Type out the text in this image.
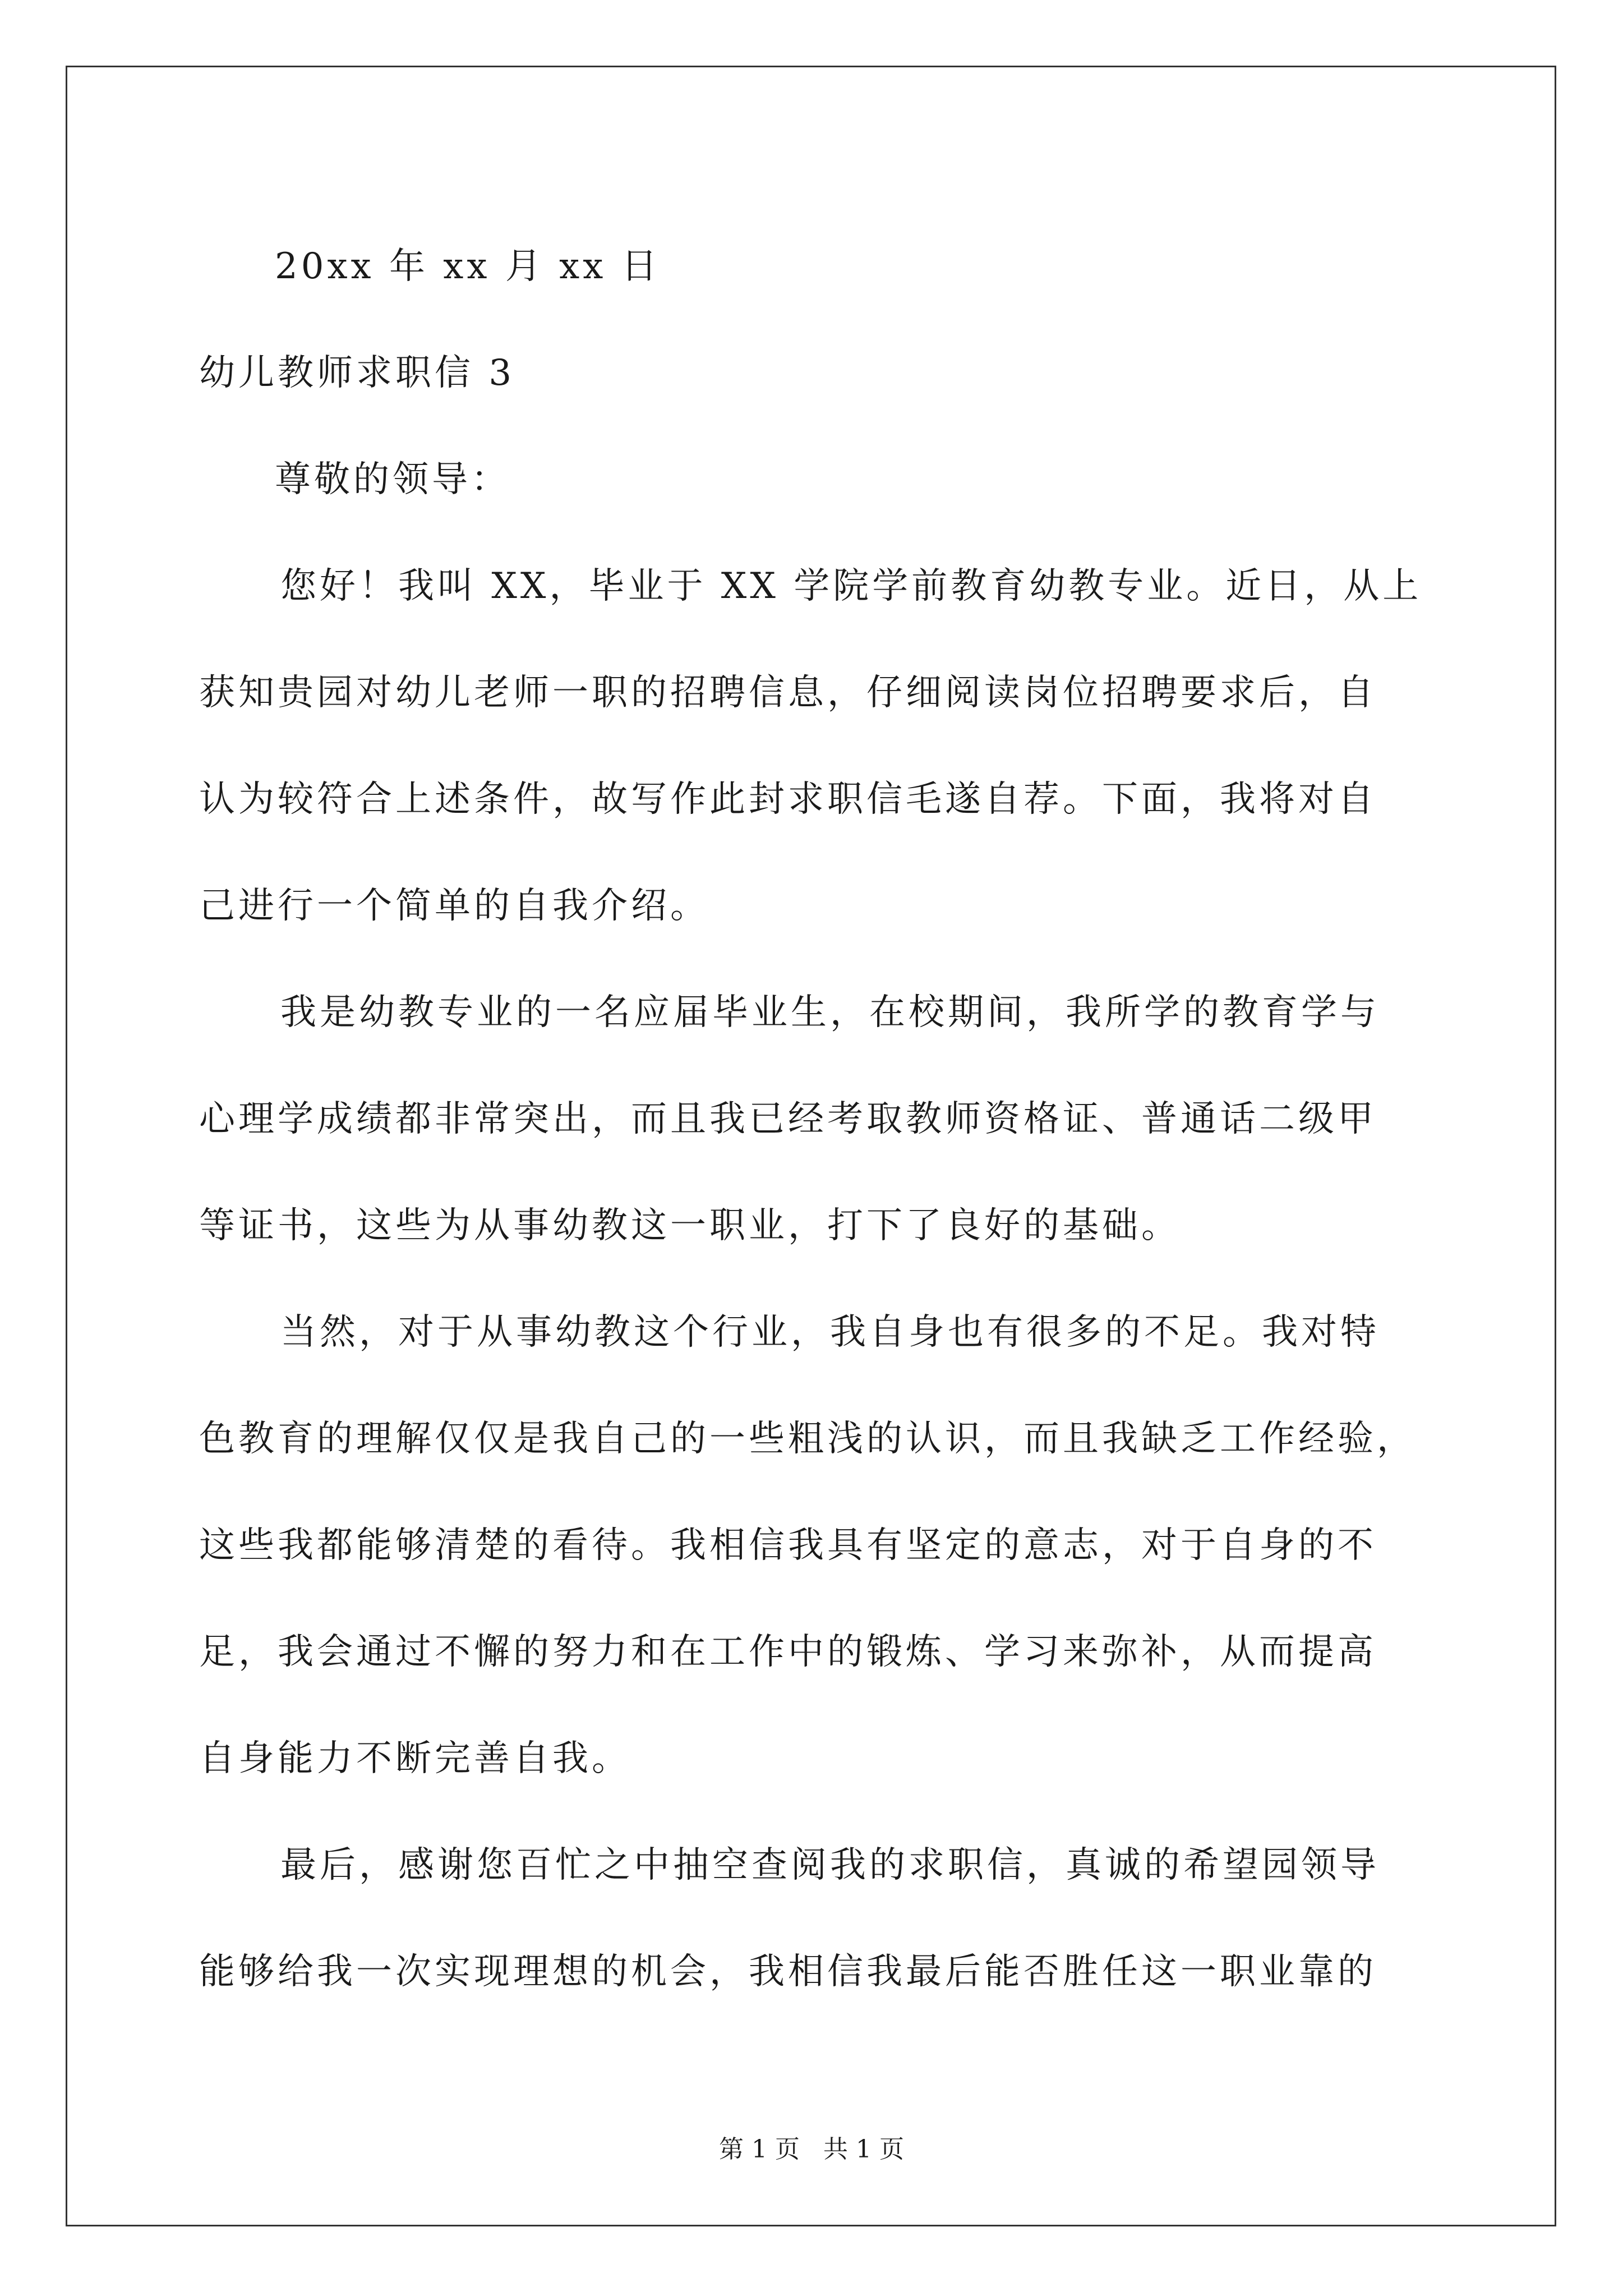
20xx 年 xx 月 xx 日
幼儿教师求职信 3
尊敬的领导：
您好！我叫 XX，毕业于 XX 学院学前教育幼教专业。近日，从上
获知贵园对幼儿老师一职的招聘信息，仔细阅读岗位招聘要求后，自
认为较符合上述条件，故写作此封求职信毛遂自荐。下面，我将对自
己进行一个简单的自我介绍。
我是幼教专业的一名应届毕业生，在校期间，我所学的教育学与
心理学成绩都非常突出，而且我已经考取教师资格证、普通话二级甲
等证书，这些为从事幼教这一职业，打下了良好的基础。
当然，对于从事幼教这个行业，我自身也有很多的不足。我对特
色教育的理解仅仅是我自己的一些粗浅的认识，而且我缺乏工作经验，
这些我都能够清楚的看待。我相信我具有坚定的意志，对于自身的不
足，我会通过不懈的努力和在工作中的锻炼、学习来弥补，从而提高
自身能力不断完善自我。
最后，感谢您百忙之中抽空查阅我的求职信，真诚的希望园领导
能够给我一次实现理想的机会，我相信我最后能否胜任这一职业靠的
第 1 页   共 1 页
